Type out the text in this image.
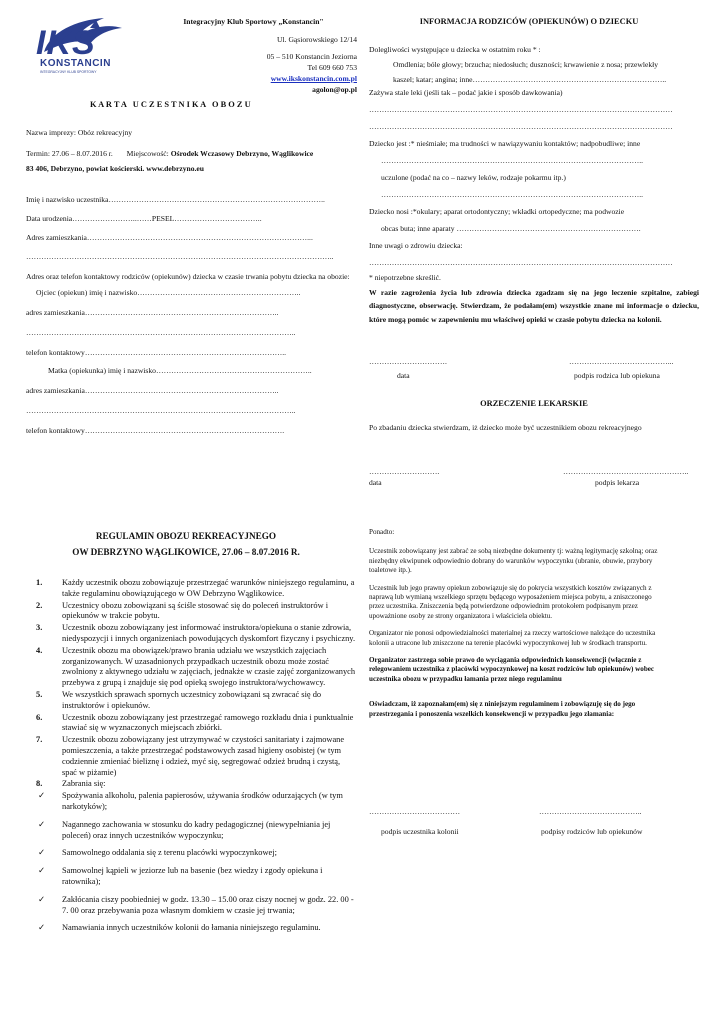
IKS
KONSTANCIN
INTEGRACYJNY KLUB SPORTOWY
Integracyjny Klub Sportowy „Konstancin"
Ul. Gąsiorowskiego 12/14
05 – 510 Konstancin Jeziorna
Tel 609 660 753
www.ikskonstancin.com.pl
agolon@op.pl
K A R T A   U C Z E S T N I K A   O B O Z U
Nazwa imprezy: Obóz rekreacyjny
Termin: 27.06 – 8.07.2016 r. Miejscowość: Ośrodek Wczasowy Debrzyno, Wąglikowice
83 406, Debrzyno, powiat kościerski. www.debrzyno.eu
Imię i nazwisko uczestnika…………………………………………………………………………..
Data urodzenia……………………..……PESEL……………………………..
Adres zamieszkania……………………………………………………………………………...
…………………………………………………………………………………………………………..
Adres oraz telefon kontaktowy rodziców (opiekunów) dziecka w czasie trwania pobytu dziecka na obozie:
Ojciec (opiekun) imię i nazwisko………………………………………………………..
adres zamieszkania…………………………………………………………………..
……………………………………………………………………………………………..
telefon kontaktowy……………………………………………………………………..
Matka (opiekunka) imię i nazwisko……………………………………………………..
adres zamieszkania…………………………………………………………………..
……………………………………………………………………………………………..
telefon kontaktowy…………………………………………………………………….
INFORMACJA RODZICÓW (OPIEKUNÓW) O DZIECKU
Dolegliwości występujące u dziecka w ostatnim roku * :
Omdlenia; bóle głowy; brzucha; niedosłuch; duszności; krwawienie z nosa; przewlekły
kaszel; katar; angina; inne…………………………………………………………………..
Zażywa stale leki (jeśli tak – podać jakie i sposób dawkowania)
…………………………………………………………………………………………………………
…………………………………………………………………………………………………………
Dziecko jest :* nieśmiałe; ma trudności w nawiązywaniu kontaktów; nadpobudliwe; inne
…………………………………………………………………………………………..
uczulone (podać na co – nazwy leków, rodzaje pokarmu itp.)
…………………………………………………………………………………………..
Dziecko nosi :*okulary; aparat ortodontyczny; wkładki ortopedyczne; ma podwozie
obcas buta; inne aparaty ……………………………………………………………….
Inne uwagi o zdrowiu dziecka:
…………………………………………………………………………………………………………
* niepotrzebne skreślić.
W razie zagrożenia życia lub zdrowia dziecka zgadzam się na jego leczenie szpitalne, zabiegi diagnostyczne, obserwację. Stwierdzam, że podałam(em) wszystkie znane mi informacje o dziecku, które mogą pomóc w zapewnieniu mu właściwej opieki w czasie pobytu dziecka na kolonii.
………………………….	…………………………………...
data	podpis rodzica lub opiekuna
ORZECZENIE LEKARSKIE
Po zbadaniu dziecka stwierdzam, iż dziecko może być uczestnikiem obozu rekreacyjnego
……………………….	…………………………………………..
data	podpis lekarza
REGULAMIN OBOZU REKREACYJNEGO
OW DEBRZYNO WĄGLIKOWICE, 27.06 – 8.07.2016 R.
1. Każdy uczestnik obozu zobowiązuje przestrzegać warunków niniejszego regulaminu, a także regulaminu obowiązującego w OW Debrzyno Wąglikowice.
2. Uczestnicy obozu zobowiązani są ściśle stosować się do poleceń instruktorów i opiekunów w trakcie pobytu.
3. Uczestnik obozu zobowiązany jest informować instruktora/opiekuna o stanie zdrowia, niedyspozycji i innych organizeniach powodujących dyskomfort fizyczny i psychiczny.
4. Uczestnik obozu ma obowiązek/prawo brania udziału we wszystkich zajęciach zorganizowanych. W uzasadnionych przypadkach uczestnik obozu może zostać zwolniony z aktywnego udziału w zajęciach, jednakże w czasie zajęć zorganizowanych przebywa z grupą i znajduje się pod opieką swojego instruktora/wychowawcy.
5. We wszystkich sprawach spornych uczestnicy zobowiązani są zwracać się do instruktorów i opiekunów.
6. Uczestnik obozu zobowiązany jest przestrzegać ramowego rozkładu dnia i punktualnie stawiać się w wyznaczonych miejscach zbiórki.
7. Uczestnik obozu zobowiązany jest utrzymywać w czystości sanitariaty i zajmowane pomieszczenia, a także przestrzegać podstawowych zasad higieny osobistej (w tym codziennie zmieniać bieliznę i odzież, myć się, segregować odzież brudną i czystą, spać w piżamie)
8. Zabrania się:
✓ Spożywania alkoholu, palenia papierosów, używania środków odurzających (w tym narkotyków);
✓ Nagannego zachowania w stosunku do kadry pedagogicznej (niewypełniania jej poleceń) oraz innych uczestników wypoczynku;
✓ Samowolnego oddalania się z terenu placówki wypoczynkowej;
✓ Samowolnej kąpieli w jeziorze lub na basenie (bez wiedzy i zgody opiekuna i ratownika);
✓ Zakłócania ciszy poobiedniej w godz. 13.30 – 15.00 oraz ciszy nocnej w godz. 22. 00 - 7. 00 oraz przebywania poza własnym domkiem w czasie jej trwania;
✓ Namawiania innych uczestników kolonii do łamania niniejszego regulaminu.
Ponadto:

Uczestnik zobowiązany jest zabrać ze sobą niezbędne dokumenty tj: ważną legitymację szkolną; oraz niezbędny ekwipunek odpowiednio dobrany do warunków wypoczynku (ubranie, obuwie, przybory toaletowe itp.).

Uczestnik lub jego prawny opiekun zobowiązuje się do pokrycia wszystkich kosztów związanych z naprawą lub wymianą wszelkiego sprzętu będącego wyposażeniem miejsca pobytu, a zniszczonego przez uczestnika. Zniszczenia będą potwierdzone odpowiednim protokołem podpisanym przez upoważnione osoby ze strony organizatora i właściciela obiektu.

Organizator nie ponosi odpowiedzialności materialnej za rzeczy wartościowe należące do uczestnika kolonii a utracone lub zniszczone na terenie placówki wypoczynkowej lub w środkach transportu.

Organizator zastrzega sobie prawo do wyciągania odpowiednich konsekwencji (włącznie z relegowaniem uczestnika z placówki wypoczynkowej na koszt rodziców lub opiekunów) wobec uczestnika obozu w przypadku łamania przez niego regulaminu

Oświadczam, iż zapoznałam(em) się z niniejszym regulaminem i zobowiązuję się do jego przestrzegania i ponoszenia wszelkich konsekwencji w przypadku jego złamania:

………………………………	…………………………………..
podpis uczestnika kolonii	podpisy rodziców lub opiekunów
